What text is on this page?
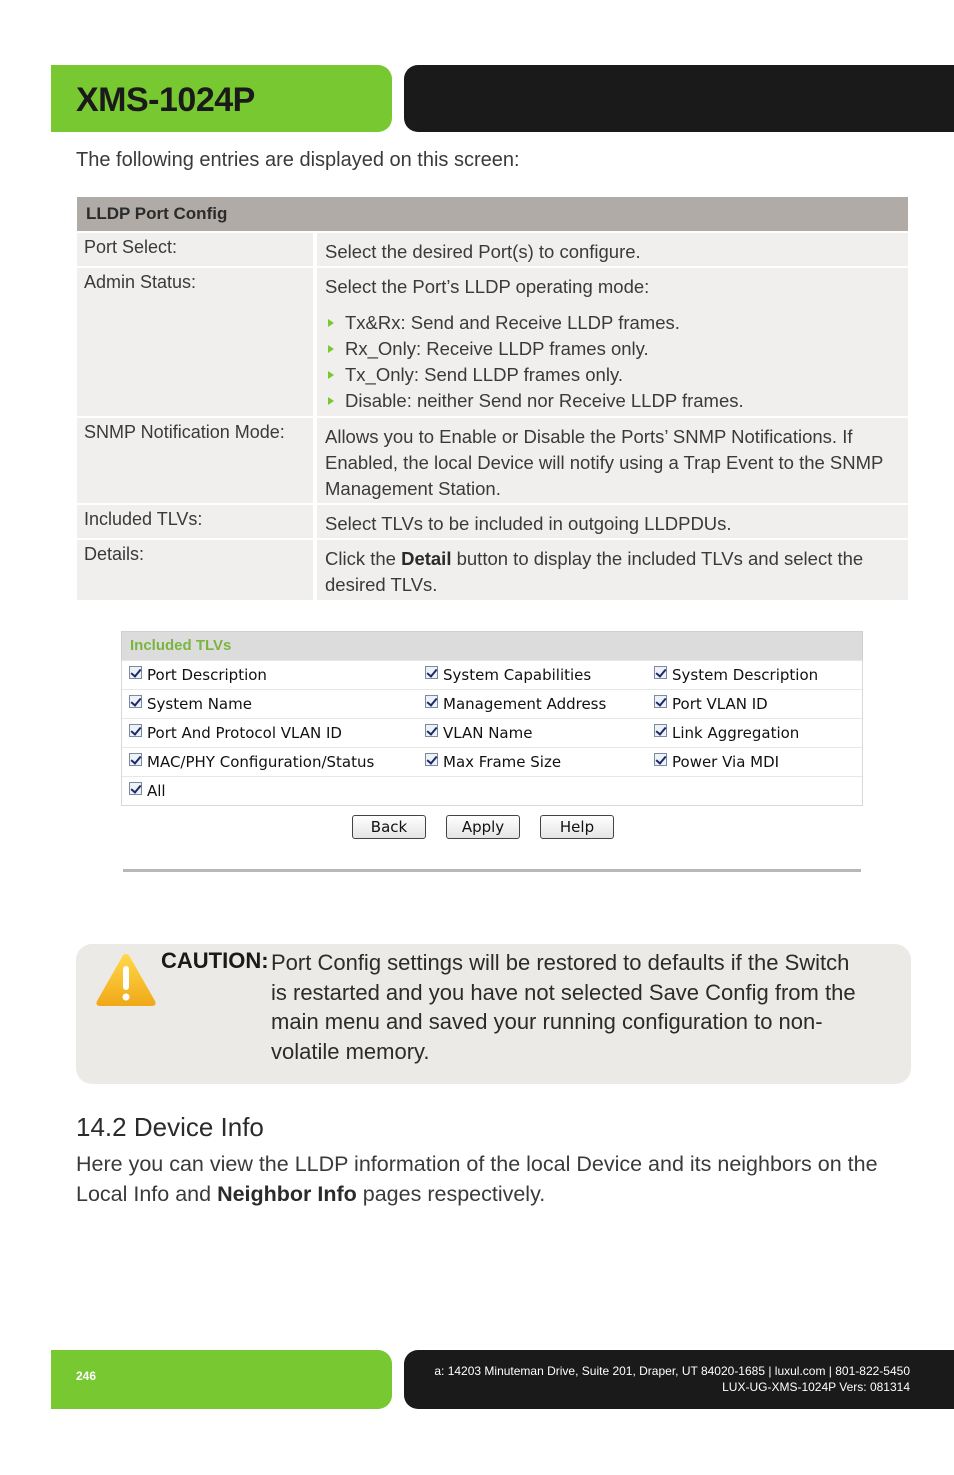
XMS-1024P
The following entries are displayed on this screen:
LLDP Port Config
Port Select:	Select the desired Port(s) to configure.
Admin Status:	Select the Port’s LLDP operating mode:
Tx&Rx: Send and Receive LLDP frames.
Rx_Only: Receive LLDP frames only.
Tx_Only: Send LLDP frames only.
Disable: neither Send nor Receive LLDP frames.
SNMP Notification Mode:	Allows you to Enable or Disable the Ports’ SNMP Notifications. If Enabled, the local Device will notify using a Trap Event to the SNMP Management Station.
Included TLVs:	Select TLVs to be included in outgoing LLDPDUs.
Details:	Click the Detail button to display the included TLVs and select the desired TLVs.
Included TLVs
Port Description	System Capabilities	System Description
System Name	Management Address	Port VLAN ID
Port And Protocol VLAN ID	VLAN Name	Link Aggregation
MAC/PHY Configuration/Status	Max Frame Size	Power Via MDI
All
Back	Apply	Help
CAUTION: Port Config settings will be restored to defaults if the Switch is restarted and you have not selected Save Config from the main menu and saved your running configuration to non-volatile memory.
14.2 Device Info
Here you can view the LLDP information of the local Device and its neighbors on the Local Info and Neighbor Info pages respectively.
246	a: 14203 Minuteman Drive, Suite 201, Draper, UT 84020-1685 | luxul.com | 801-822-5450
LUX-UG-XMS-1024P Vers: 081314
